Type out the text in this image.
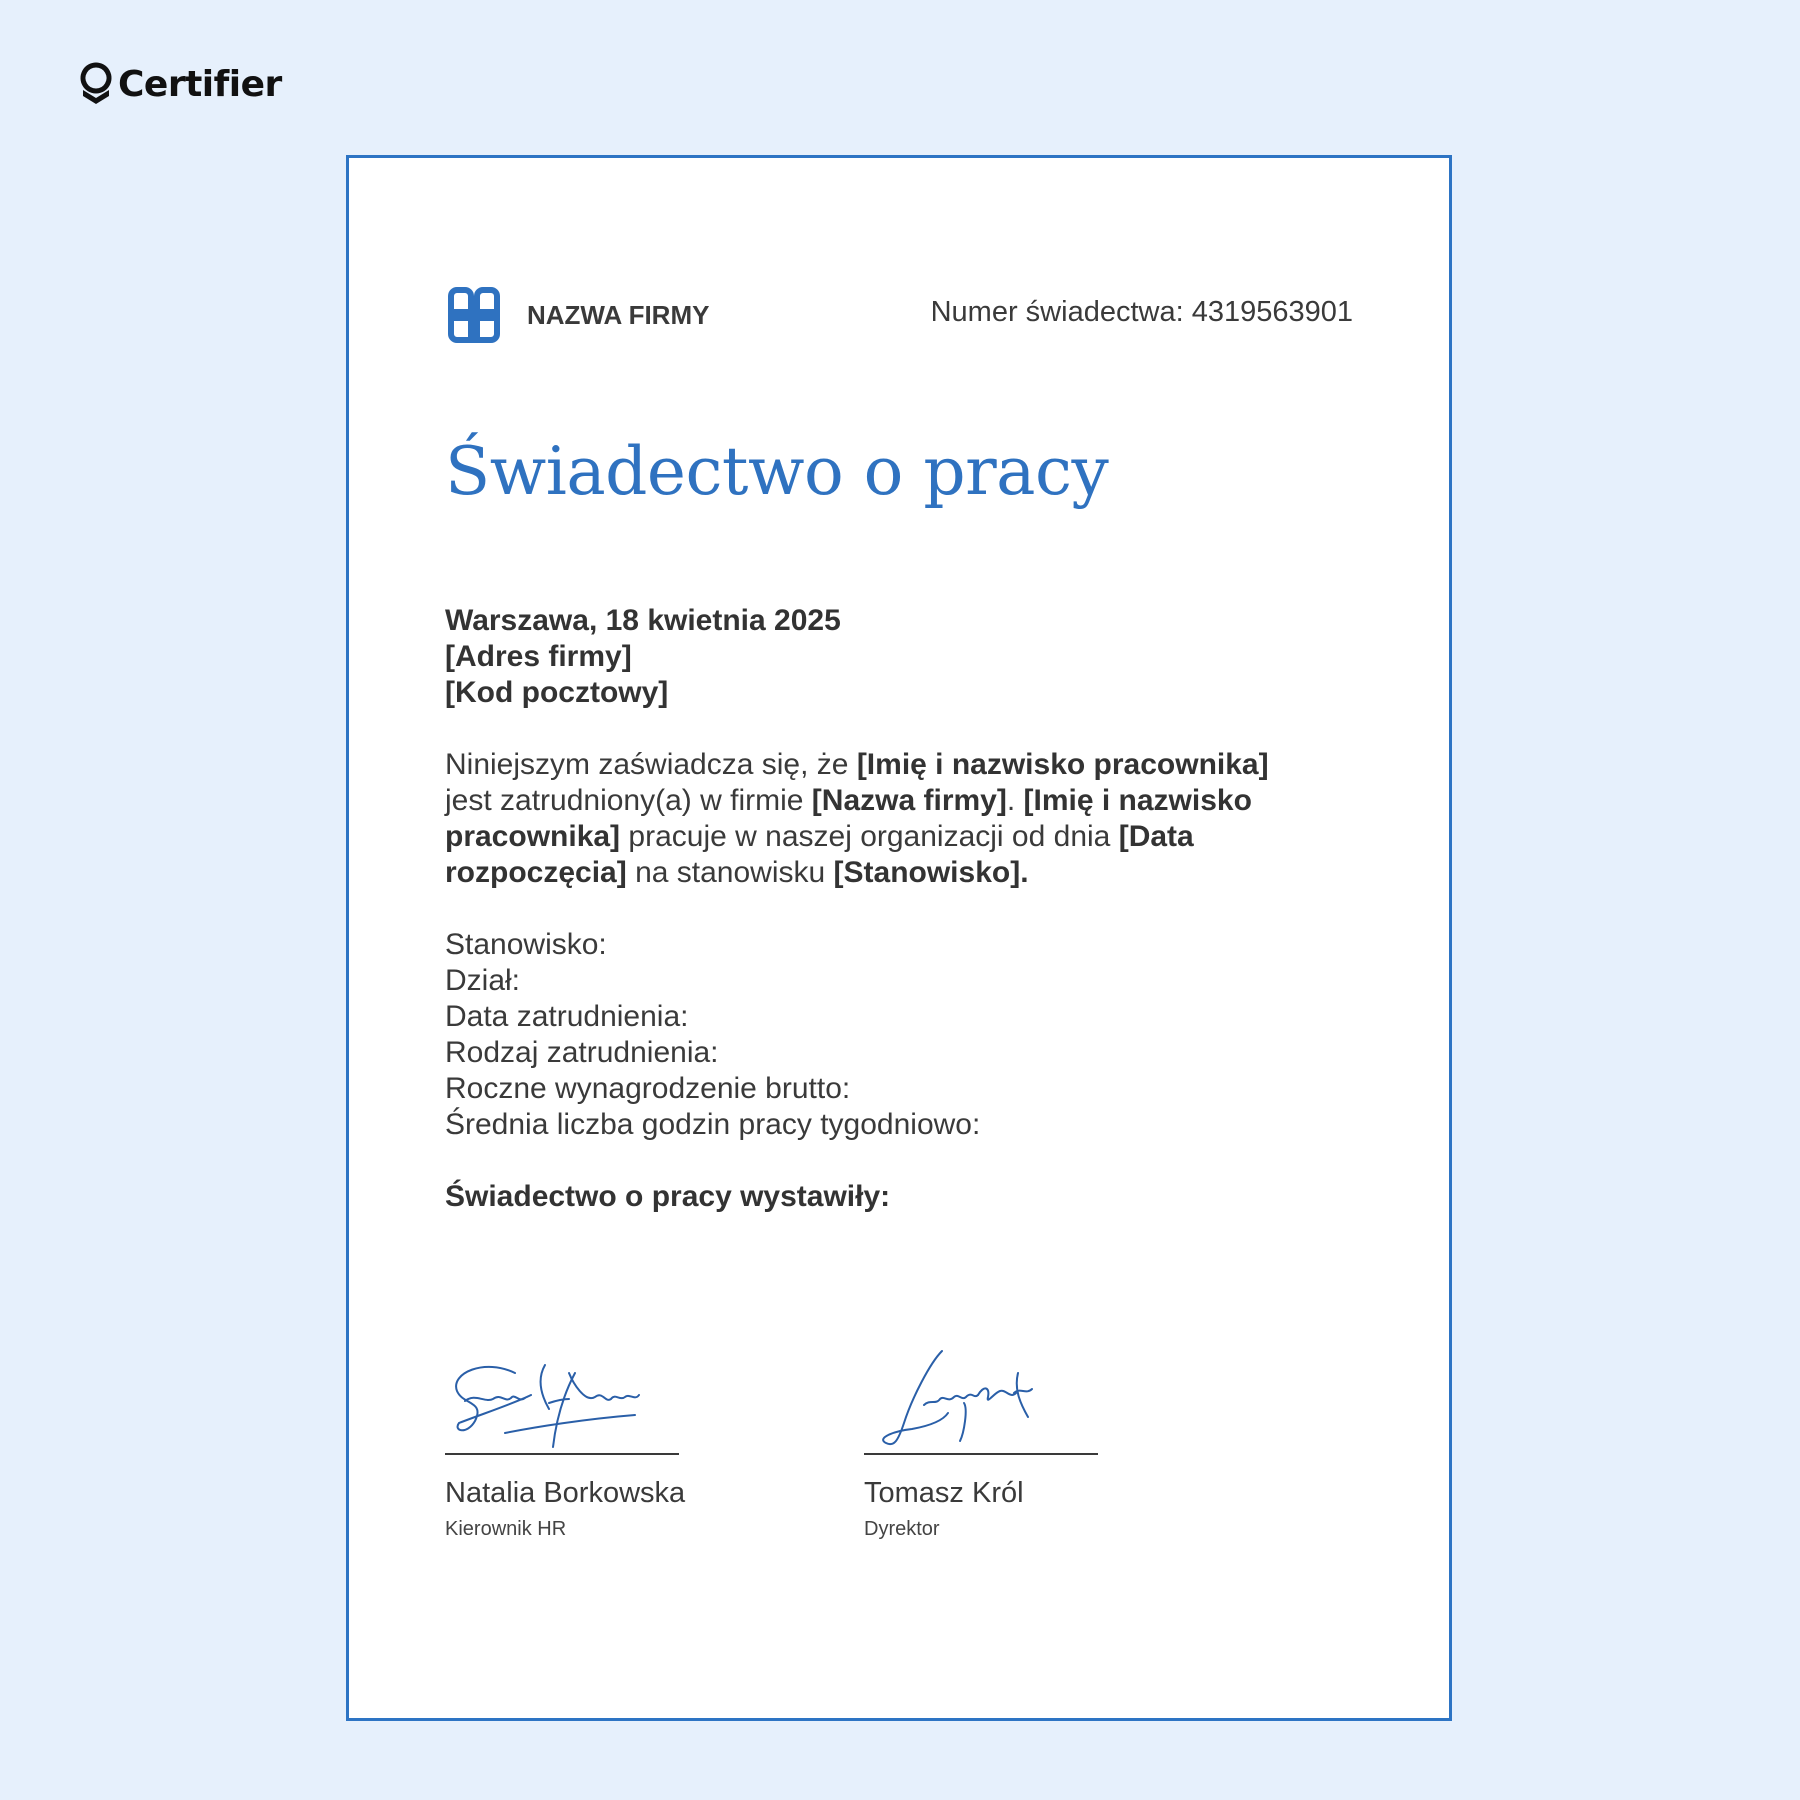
Certifier
NAZWA FIRMY	Numer świadectwa: 4319563901
Świadectwo o pracy

Warszawa, 18 kwietnia 2025

[Adres firmy]

[Kod pocztowy]

Niniejszym zaświadcza się, że [Imię i nazwisko pracownika] jest zatrudniony(a) w firmie [Nazwa firmy]. [Imię i nazwisko pracownika] pracuje w naszej organizacji od dnia [Data rozpoczęcia] na stanowisku [Stanowisko].

Stanowisko:

Dział:

Data zatrudnienia:

Rodzaj zatrudnienia:

Roczne wynagrodzenie brutto:

Średnia liczba godzin pracy tygodniowo:

Świadectwo o pracy wystawiły:

Natalia Borkowska
Kierownik HR
Tomasz Król
Dyrektor
